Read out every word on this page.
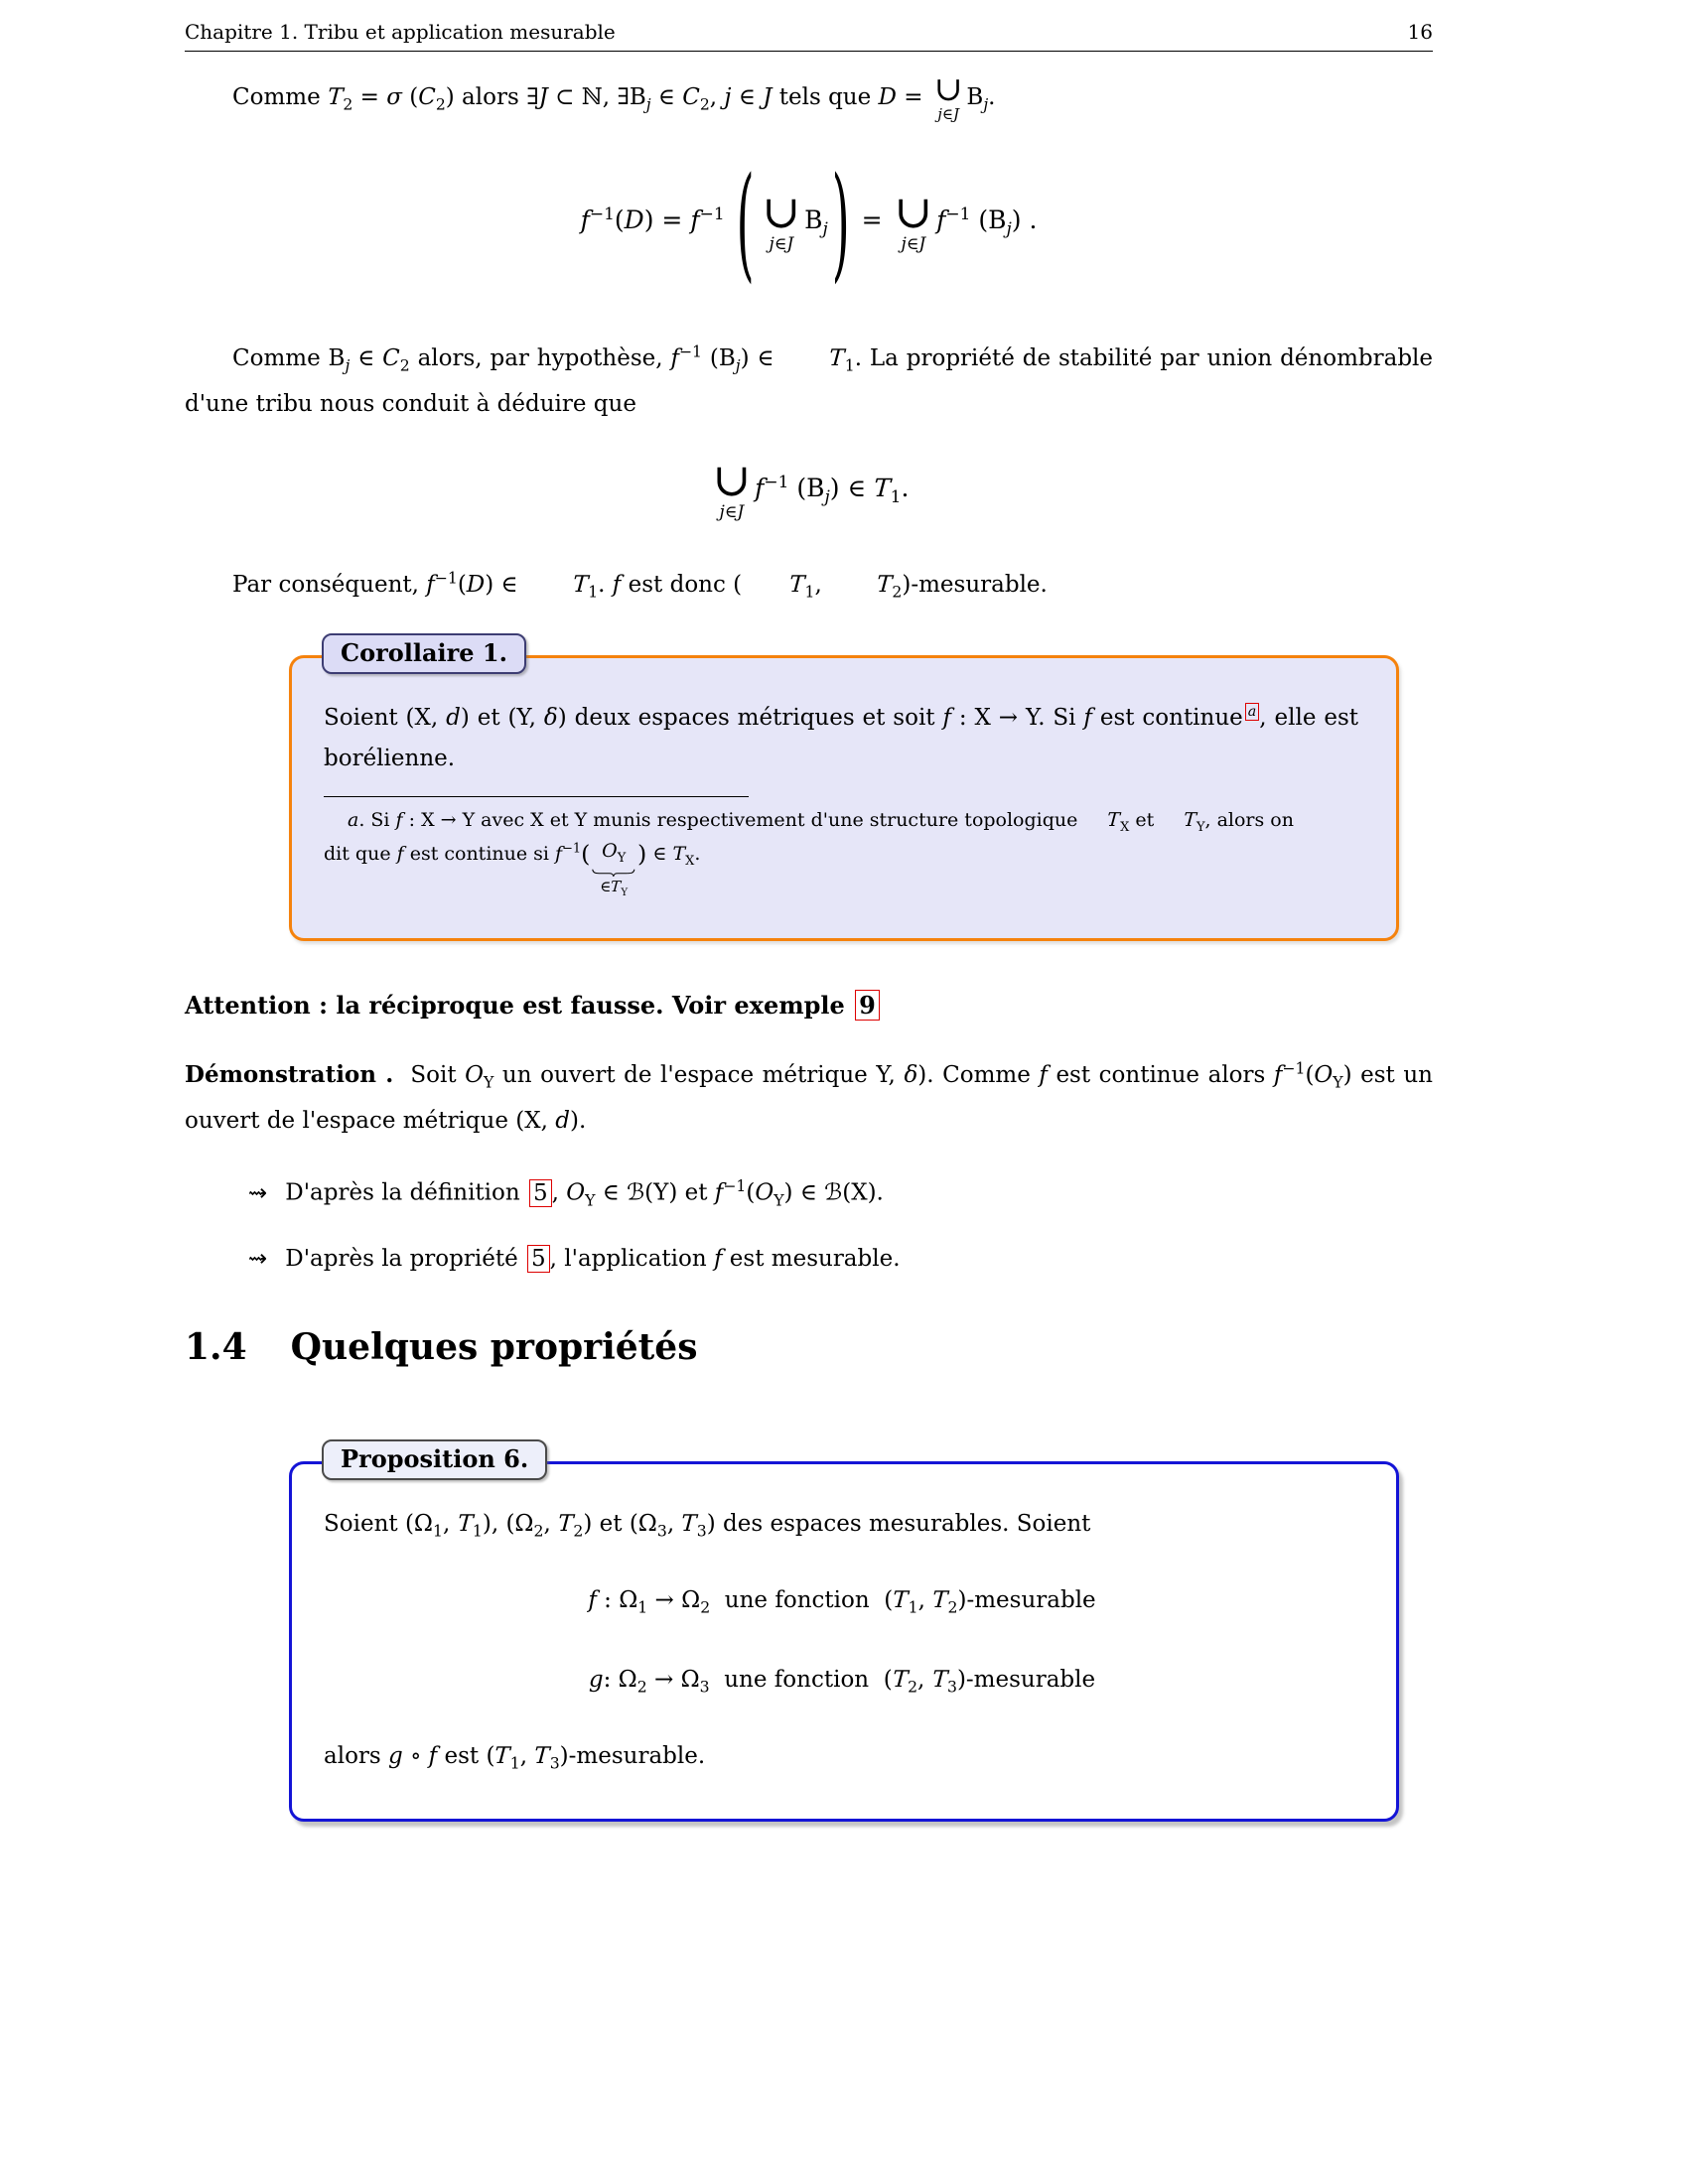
Chapitre 1. Tribu et application mesurable	16
Comme $T_2 = \sigma$ $(C_2)$ alors ∃J ⊂ ℕ, $\exists B_j$ ∈ $C_2$, j ∈ J tels que D = ∪
j∈J
$B_j$.
$f^{-1}(D) = f^{-1}$ ( ∪
j∈J
$B_j$) = ∪
j∈J
$f^{-1}$ $(B_j)$ .
Comme $B_j$ ∈ $C_2$ alors, par hypothèse, $f^{-1}$ $(B_j)$ ∈ $T_1$. La propriété de stabilité par union dénombrable d'une tribu nous conduit à déduire que
∪
j∈J
$f^{-1}$ $(B_j)$ ∈ $T_1$.
Par conséquent, $f^{-1}(D)$ ∈ $T_1$. f est donc ( $T_1$, $T_2$)-mesurable.
Corollaire 1.
Soient (X, d) et (Y, δ) deux espaces métriques et soit f : X → Y. Si f est continue $^a$ , elle est borélienne.
a. Si f : X → Y avec X et Y munis respectivement d'une structure topologique $T_X$ et $T_Y$, alors on
dit que f est continue si $f^{-1}$( $O_Y$
$\in T_Y$
) ∈ $T_X$.
Attention : la réciproque est fausse. Voir exemple 9
Démonstration .  Soit $O_Y$ un ouvert de l'espace métrique Y, δ). Comme f est continue alors $f^{-1}(O_Y)$ est un ouvert de l'espace métrique (X, d).
⇝ D'après la définition 5 , $O_Y$ ∈ ℬ(Y) et $f^{-1}(O_Y)$ ∈ ℬ(X).
⇝ D'après la propriété 5 , l'application f est mesurable.
1.4 Quelques propriétés
Proposition 6.
Soient ($\Omega_1$, $T_1$), ($\Omega_2$, $T_2$) et ($\Omega_3$, $T_3$) des espaces mesurables. Soient
f : $\Omega_1 \to \Omega_2$  une fonction  ($T_1$, $T_2$)-mesurable
g: $\Omega_2 \to \Omega_3$  une fonction  ($T_2$, $T_3$)-mesurable
alors g ∘ f est ($T_1$, $T_3$)-mesurable.
